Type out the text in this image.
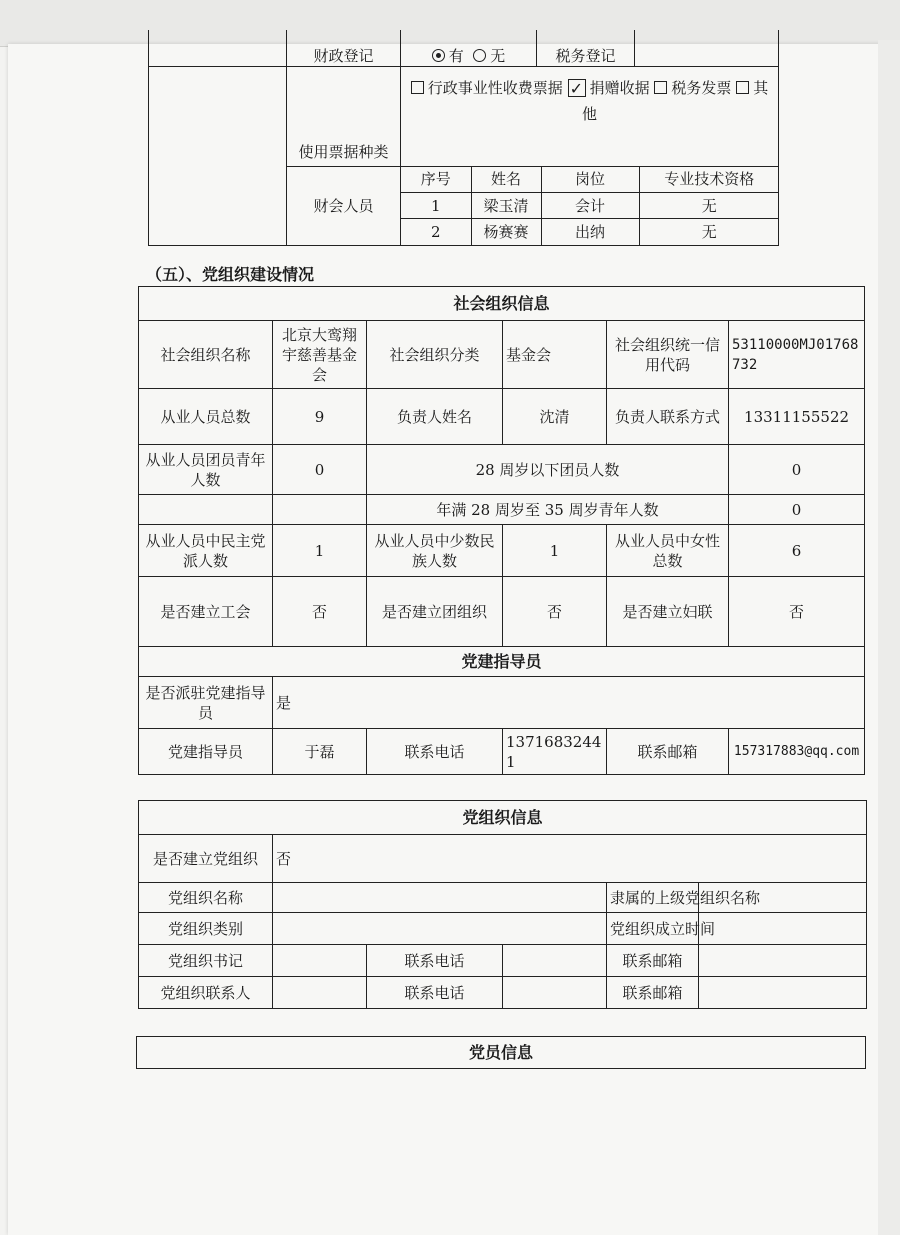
	财政登记	有 无	税务登记	
	使用票据种类	行政事业性收费票据 ✓ 捐赠收据 税务发票 其他
财会人员	
序号	姓名	岗位	专业技术资格
1	梁玉清	会计	无
2	杨赛赛	出纳	无
（五）、党组织建设情况
社会组织信息					
社会组织名称	北京大鸾翔宇慈善基金会	社会组织分类	基金会	社会组织统一信用代码	53110000MJ01768732
从业人员总数	9	负责人姓名	沈清	负责人联系方式	13311155522
从业人员团员青年人数	0	28 周岁以下团员人数			0
		年满 28 周岁至 35 周岁青年人数			0
从业人员中民主党派人数	1	从业人员中少数民族人数	1	从业人员中女性总数	6
是否建立工会	否	是否建立团组织	否	是否建立妇联	否
党建指导员					
是否派驻党建指导员	是				
党建指导员	于磊	联系电话	13716832441	联系邮箱	157317883@qq.com
党组织信息					
是否建立党组织	否				
党组织名称				隶属的上级党组织名称	
党组织类别				党组织成立时间	
党组织书记		联系电话		联系邮箱	
党组织联系人		联系电话		联系邮箱	
党员信息
